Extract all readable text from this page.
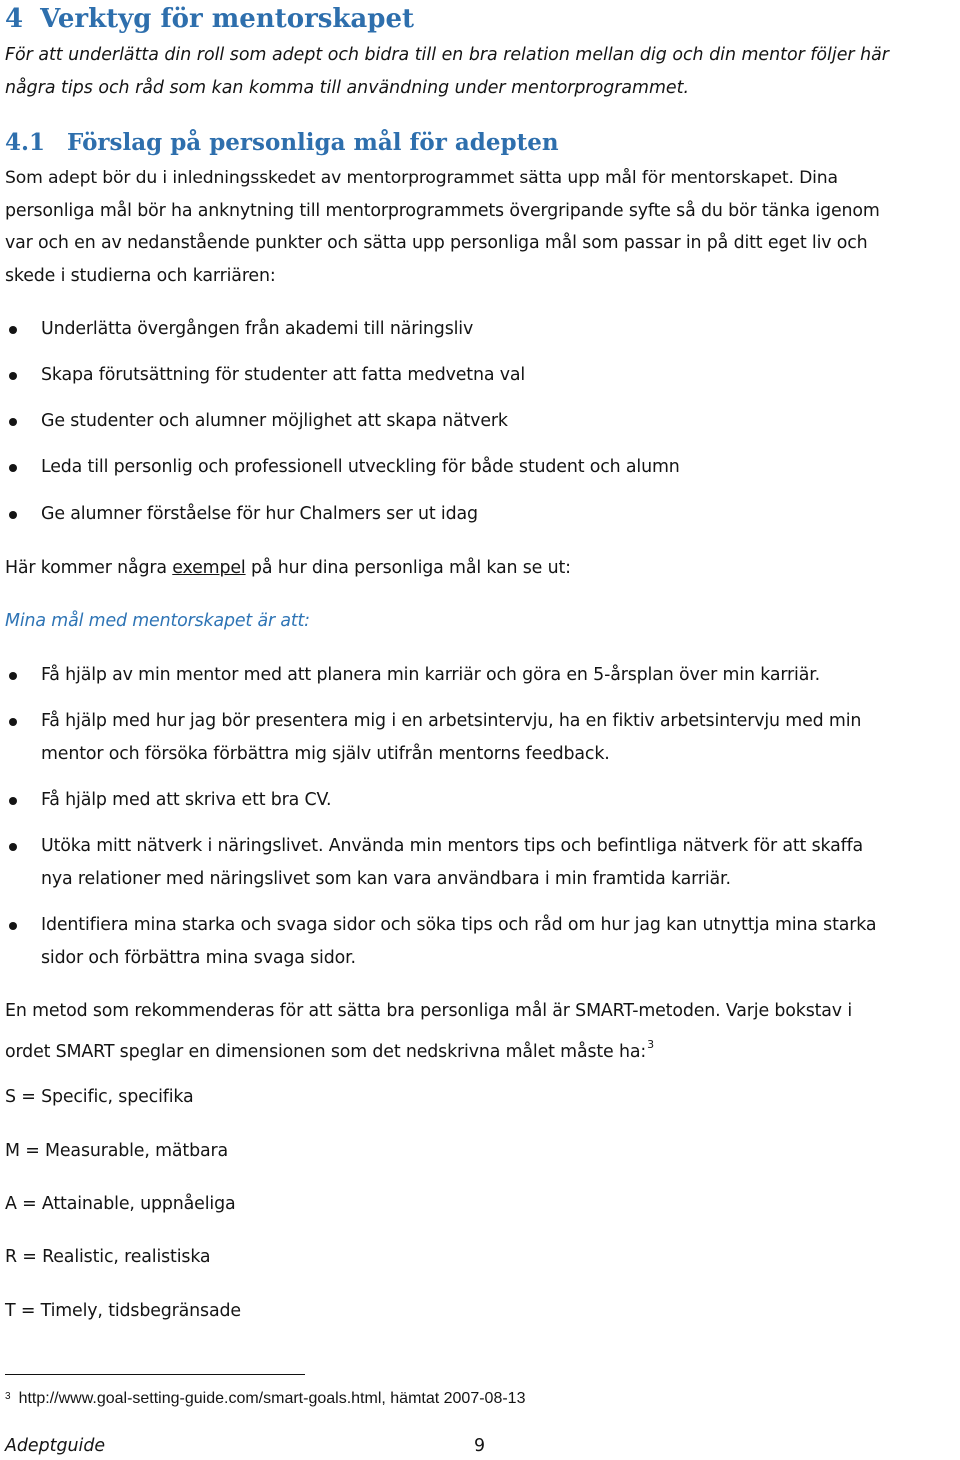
4 Verktyg för mentorskapet
För att underlätta din roll som adept och bidra till en bra relation mellan dig och din mentor följer här
några tips och råd som kan komma till användning under mentorprogrammet.
4.1 Förslag på personliga mål för adepten
Som adept bör du i inledningsskedet av mentorprogrammet sätta upp mål för mentorskapet. Dina
personliga mål bör ha anknytning till mentorprogrammets övergripande syfte så du bör tänka igenom
var och en av nedanstående punkter och sätta upp personliga mål som passar in på ditt eget liv och
skede i studierna och karriären:
Underlätta övergången från akademi till näringsliv
Skapa förutsättning för studenter att fatta medvetna val
Ge studenter och alumner möjlighet att skapa nätverk
Leda till personlig och professionell utveckling för både student och alumn
Ge alumner förståelse för hur Chalmers ser ut idag
Här kommer några exempel på hur dina personliga mål kan se ut:
Mina mål med mentorskapet är att:
Få hjälp av min mentor med att planera min karriär och göra en 5-årsplan över min karriär.
Få hjälp med hur jag bör presentera mig i en arbetsintervju, ha en fiktiv arbetsintervju med min
mentor och försöka förbättra mig själv utifrån mentorns feedback.
Få hjälp med att skriva ett bra CV.
Utöka mitt nätverk i näringslivet. Använda min mentors tips och befintliga nätverk för att skaffa
nya relationer med näringslivet som kan vara användbara i min framtida karriär.
Identifiera mina starka och svaga sidor och söka tips och råd om hur jag kan utnyttja mina starka
sidor och förbättra mina svaga sidor.
En metod som rekommenderas för att sätta bra personliga mål är SMART-metoden. Varje bokstav i
ordet SMART speglar en dimensionen som det nedskrivna målet måste ha:$^3$
S = Specific, specifika
M = Measurable, mätbara
A = Attainable, uppnåeliga
R = Realistic, realistiska
T = Timely, tidsbegränsade
$^3$ http://www.goal-setting-guide.com/smart-goals.html, hämtat 2007-08-13
Adeptguide	9
